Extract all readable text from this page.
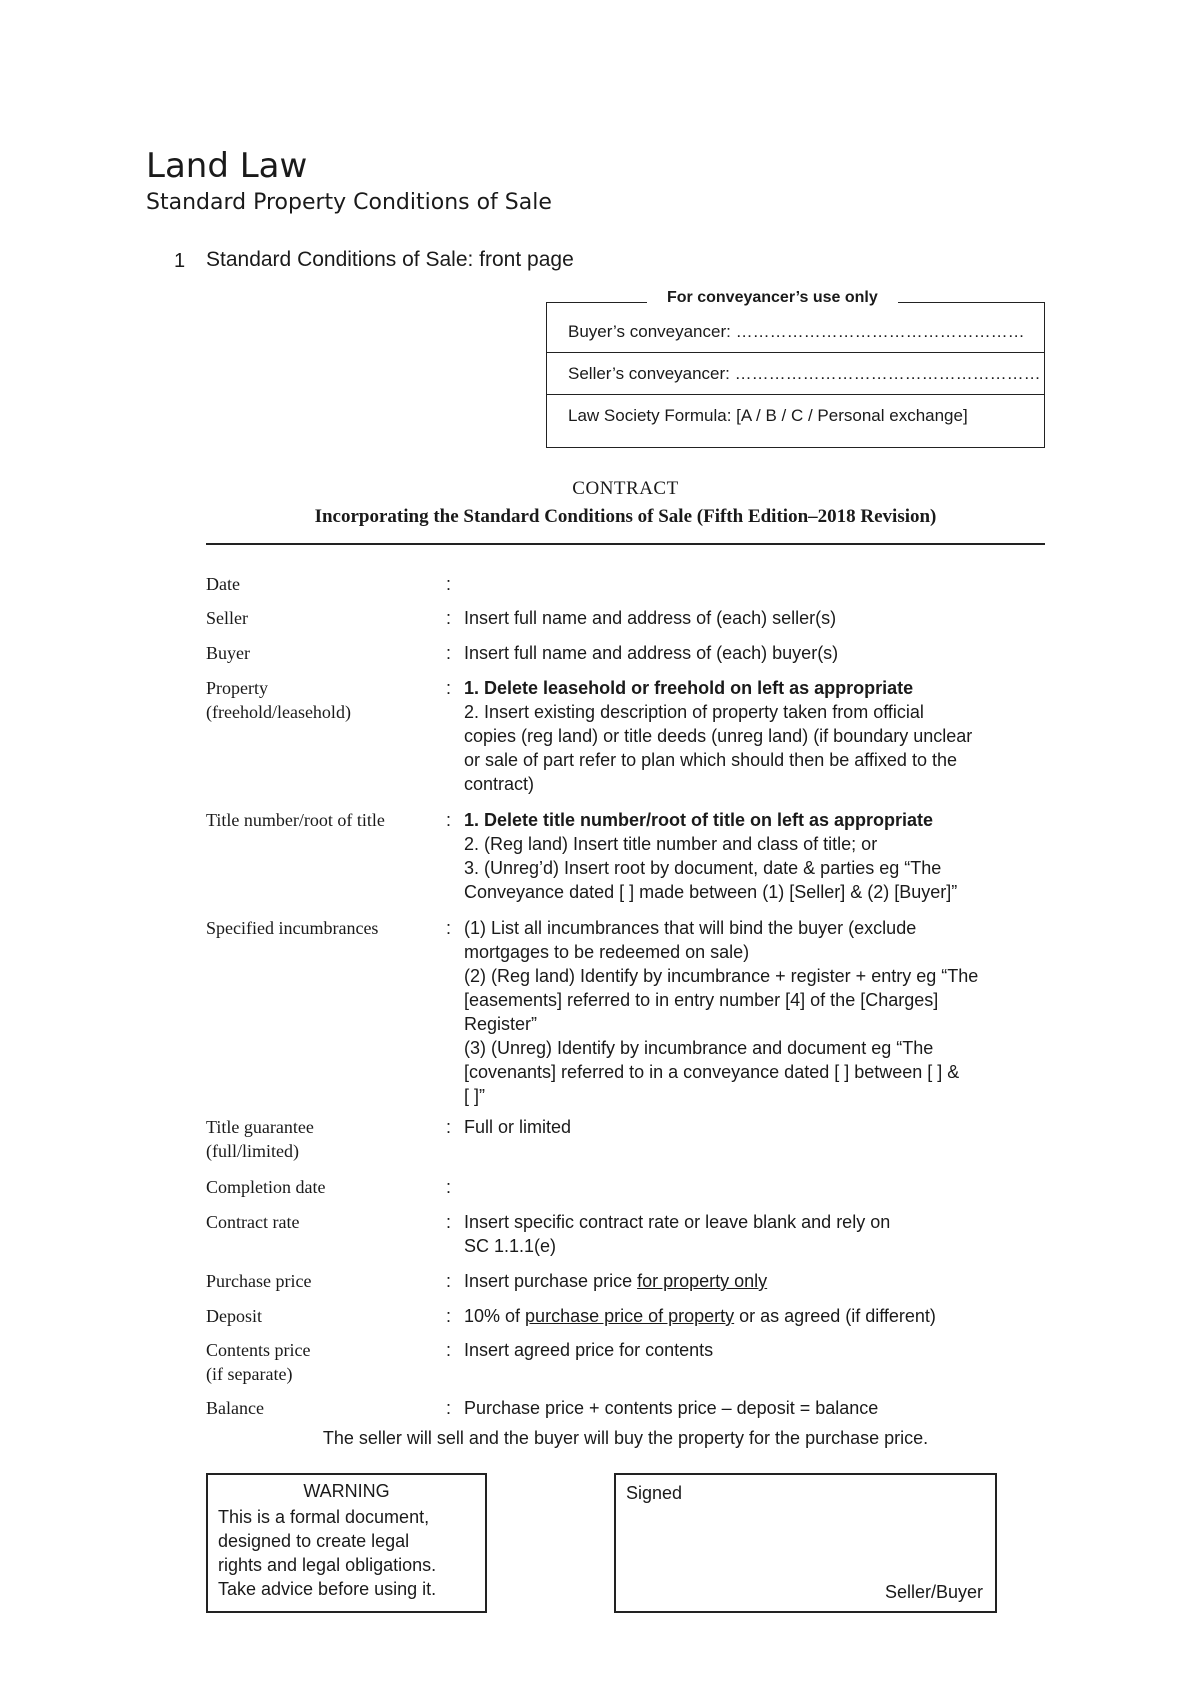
Land Law
Standard Property Conditions of Sale
1 Standard Conditions of Sale: front page
For conveyancer’s use only
Buyer’s conveyancer: ……………………………………………
Seller’s conveyancer: ………………………………………………
Law Society Formula: [A / B / C / Personal exchange]
CONTRACT
Incorporating the Standard Conditions of Sale (Fifth Edition–2018 Revision)
Date	:
Seller	: Insert full name and address of (each) seller(s)
Buyer	: Insert full name and address of (each) buyer(s)
Property
(freehold/leasehold)
: 1. Delete leasehold or freehold on left as appropriate
2. Insert existing description of property taken from official
copies (reg land) or title deeds (unreg land) (if boundary unclear
or sale of part refer to plan which should then be affixed to the
contract)
Title number/root of title	: 1. Delete title number/root of title on left as appropriate
2. (Reg land) Insert title number and class of title; or
3. (Unreg’d) Insert root by document, date & parties eg “The
Conveyance dated [ ] made between (1) [Seller] & (2) [Buyer]”
Specified incumbrances	: (1) List all incumbrances that will bind the buyer (exclude
mortgages to be redeemed on sale)
(2) (Reg land) Identify by incumbrance + register + entry eg “The
[easements] referred to in entry number [4] of the [Charges]
Register”
(3) (Unreg) Identify by incumbrance and document eg “The
[covenants] referred to in a conveyance dated [ ] between [ ] &
[ ]”
Title guarantee
(full/limited)
: Full or limited
Completion date	:
Contract rate	: Insert specific contract rate or leave blank and rely on
SC 1.1.1(e)
Purchase price	: Insert purchase price for property only
Deposit	: 10% of purchase price of property or as agreed (if different)
Contents price
(if separate)
: Insert agreed price for contents
Balance	: Purchase price + contents price – deposit = balance
The seller will sell and the buyer will buy the property for the purchase price.
WARNING
This is a formal document,
designed to create legal
rights and legal obligations.
Take advice before using it.
Signed
Seller/Buyer
